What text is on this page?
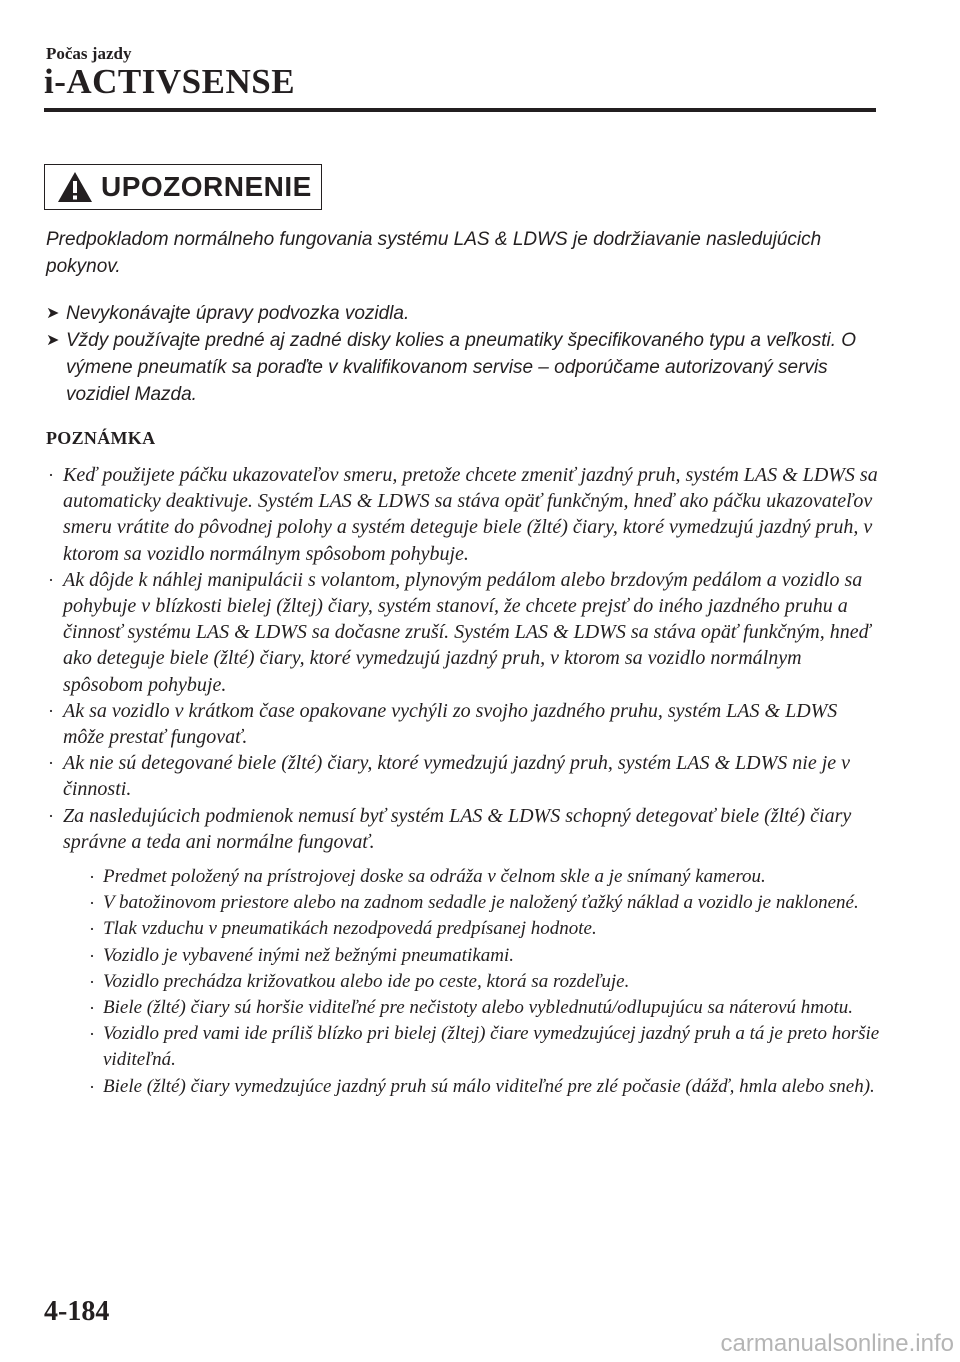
Počas jazdy
i-ACTIVSENSE
UPOZORNENIE

Predpokladom normálneho fungovania systému LAS & LDWS je dodržiavanie nasledujúcich pokynov.

➤ Nevykonávajte úpravy podvozka vozidla.
➤ Vždy používajte predné aj zadné disky kolies a pneumatiky špecifikovaného typu a veľkosti. O výmene pneumatík sa poraďte v kvalifikovanom servise – odporúčame autorizovaný servis vozidiel Mazda.
POZNÁMKA
· Keď použijete páčku ukazovateľov smeru, pretože chcete zmeniť jazdný pruh, systém LAS & LDWS sa automaticky deaktivuje. Systém LAS & LDWS sa stáva opäť funkčným, hneď ako páčku ukazovateľov smeru vrátite do pôvodnej polohy a systém deteguje biele (žlté) čiary, ktoré vymedzujú jazdný pruh, v ktorom sa vozidlo normálnym spôsobom pohybuje.
· Ak dôjde k náhlej manipulácii s volantom, plynovým pedálom alebo brzdovým pedálom a vozidlo sa pohybuje v blízkosti bielej (žltej) čiary, systém stanoví, že chcete prejsť do iného jazdného pruhu a činnosť systému LAS & LDWS sa dočasne zruší. Systém LAS & LDWS sa stáva opäť funkčným, hneď ako deteguje biele (žlté) čiary, ktoré vymedzujú jazdný pruh, v ktorom sa vozidlo normálnym spôsobom pohybuje.
· Ak sa vozidlo v krátkom čase opakovane vychýli zo svojho jazdného pruhu, systém LAS & LDWS môže prestať fungovať.
· Ak nie sú detegované biele (žlté) čiary, ktoré vymedzujú jazdný pruh, systém LAS & LDWS nie je v činnosti.
· Za nasledujúcich podmienok nemusí byť systém LAS & LDWS schopný detegovať biele (žlté) čiary správne a teda ani normálne fungovať.
· Predmet položený na prístrojovej doske sa odráža v čelnom skle a je snímaný kamerou.
· V batožinovom priestore alebo na zadnom sedadle je naložený ťažký náklad a vozidlo je naklonené.
· Tlak vzduchu v pneumatikách nezodpovedá predpísanej hodnote.
· Vozidlo je vybavené inými než bežnými pneumatikami.
· Vozidlo prechádza križovatkou alebo ide po ceste, ktorá sa rozdeľuje.
· Biele (žlté) čiary sú horšie viditeľné pre nečistoty alebo vyblednutú/odlupujúcu sa náterovú hmotu.
· Vozidlo pred vami ide príliš blízko pri bielej (žltej) čiare vymedzujúcej jazdný pruh a tá je preto horšie viditeľná.
· Biele (žlté) čiary vymedzujúce jazdný pruh sú málo viditeľné pre zlé počasie (dážď, hmla alebo sneh).
4-184
carmanualsonline.info
